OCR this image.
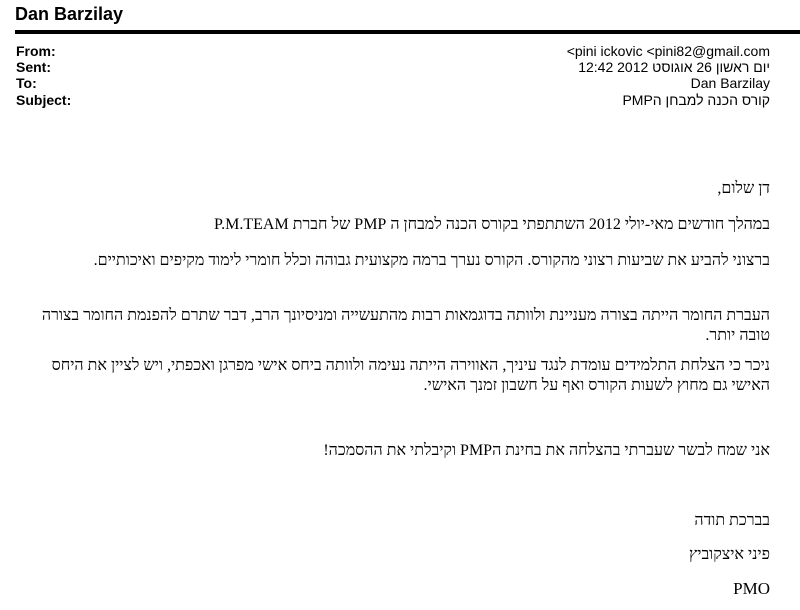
Dan Barzilay
From:
Sent:
To:
Subject:
pini ickovic <pini82@gmail.com>
יום ראשון 26 אוגוסט 2012 12:42
Dan Barzilay
קורס הכנה למבחן הPMP

דן שלום,

במהלך חודשים מאי-יולי 2012 השתתפתי בקורס הכנה למבחן ה PMP של חברת P.M.TEAM

ברצוני להביע את שביעות רצוני מהקורס. הקורס נערך ברמה מקצועית גבוהה וכלל חומרי לימוד מקיפים ואיכותיים.

העברת החומר הייתה בצורה מעניינת ולוותה בדוגמאות רבות מהתעשייה ומניסיונך הרב, דבר שתרם להפנמת החומר בצורה טובה יותר.

ניכר כי הצלחת התלמידים עומדת לנגד עיניך, האווירה הייתה נעימה ולוותה ביחס אישי מפרגן ואכפתי, ויש לציין את היחס האישי גם מחוץ לשעות הקורס ואף על חשבון זמנך האישי.

אני שמח לבשר שעברתי בהצלחה את בחינת הPMP וקיבלתי את ההסמכה!

בברכת תודה

פיני איצקוביץ

PMO
